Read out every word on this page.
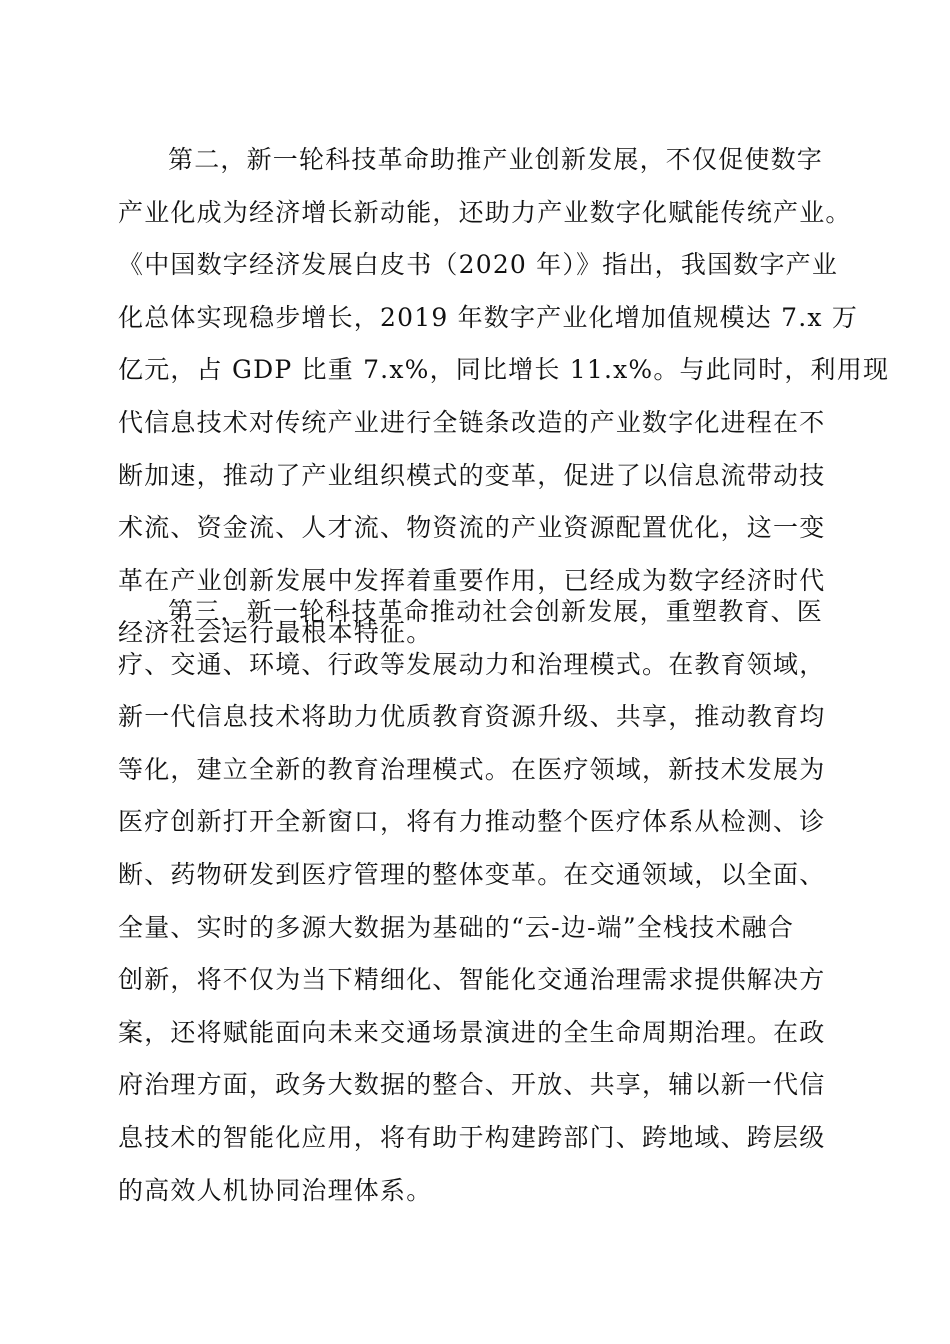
第二，新一轮科技革命助推产业创新发展，不仅促使数字
产业化成为经济增长新动能，还助力产业数字化赋能传统产业。
《中国数字经济发展白皮书（2020 年）》指出，我国数字产业
化总体实现稳步增长，2019 年数字产业化增加值规模达 7.x 万
亿元，占 GDP 比重 7.x%，同比增长 11.x%。与此同时，利用现
代信息技术对传统产业进行全链条改造的产业数字化进程在不
断加速，推动了产业组织模式的变革，促进了以信息流带动技
术流、资金流、人才流、物资流的产业资源配置优化，这一变
革在产业创新发展中发挥着重要作用，已经成为数字经济时代
经济社会运行最根本特征。
第三，新一轮科技革命推动社会创新发展，重塑教育、医
疗、交通、环境、行政等发展动力和治理模式。在教育领域，
新一代信息技术将助力优质教育资源升级、共享，推动教育均
等化，建立全新的教育治理模式。在医疗领域，新技术发展为
医疗创新打开全新窗口，将有力推动整个医疗体系从检测、诊
断、药物研发到医疗管理的整体变革。在交通领域，以全面、
全量、实时的多源大数据为基础的“云-边-端”全栈技术融合
创新，将不仅为当下精细化、智能化交通治理需求提供解决方
案，还将赋能面向未来交通场景演进的全生命周期治理。在政
府治理方面，政务大数据的整合、开放、共享，辅以新一代信
息技术的智能化应用，将有助于构建跨部门、跨地域、跨层级
的高效人机协同治理体系。
